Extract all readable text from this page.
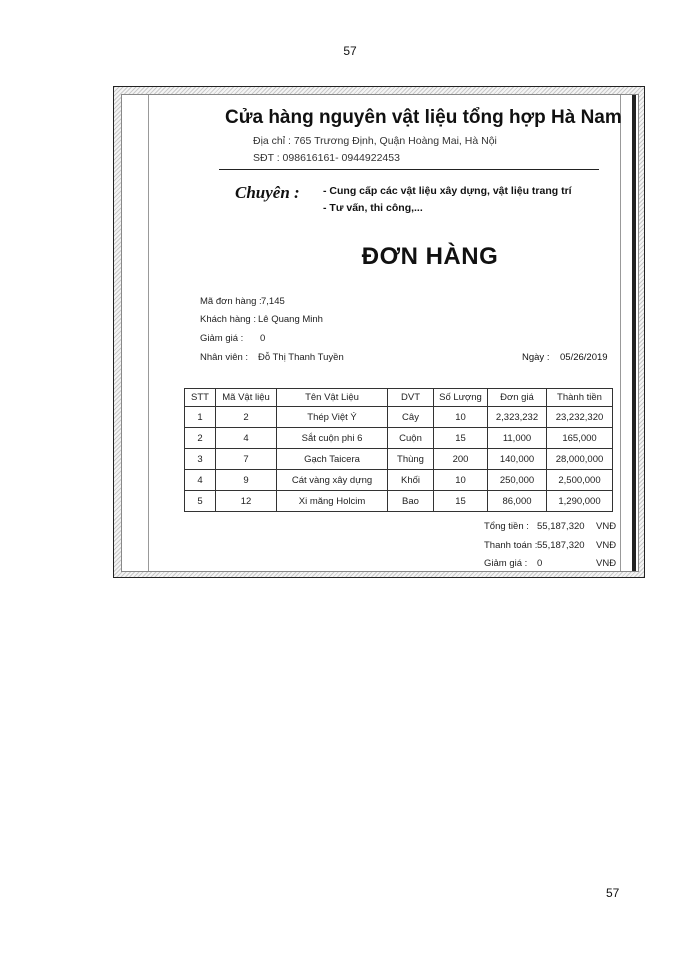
57
Cửa hàng nguyên vật liệu tổng hợp Hà Nam
Địa chỉ : 765 Trương Định, Quận Hoàng Mai, Hà Nội
SĐT : 098616161- 0944922453
Chuyên : - Cung cấp các vật liệu xây dựng, vật liệu trang trí
- Tư vấn, thi công,...
ĐƠN HÀNG
Mã đơn hàng : 7,145
Khách hàng : Lê Quang Minh
Giảm giá : 0
Nhân viên : Đỗ Thị Thanh Tuyền	Ngày : 05/26/2019
STT	Mã Vật liệu	Tên Vật Liệu	DVT	Số Lượng	Đơn giá	Thành tiền
1	2	Thép Việt Ý	Cây	10	2,323,232	23,232,320
2	4	Sắt cuộn phi 6	Cuộn	15	11,000	165,000
3	7	Gạch Taicera	Thùng	200	140,000	28,000,000
4	9	Cát vàng xây dựng	Khối	10	250,000	2,500,000
5	12	Xi măng Holcim	Bao	15	86,000	1,290,000
Tổng tiền : 55,187,320 VNĐ
Thanh toán : 55,187,320 VNĐ
Giảm giá : 0	VNĐ
57
